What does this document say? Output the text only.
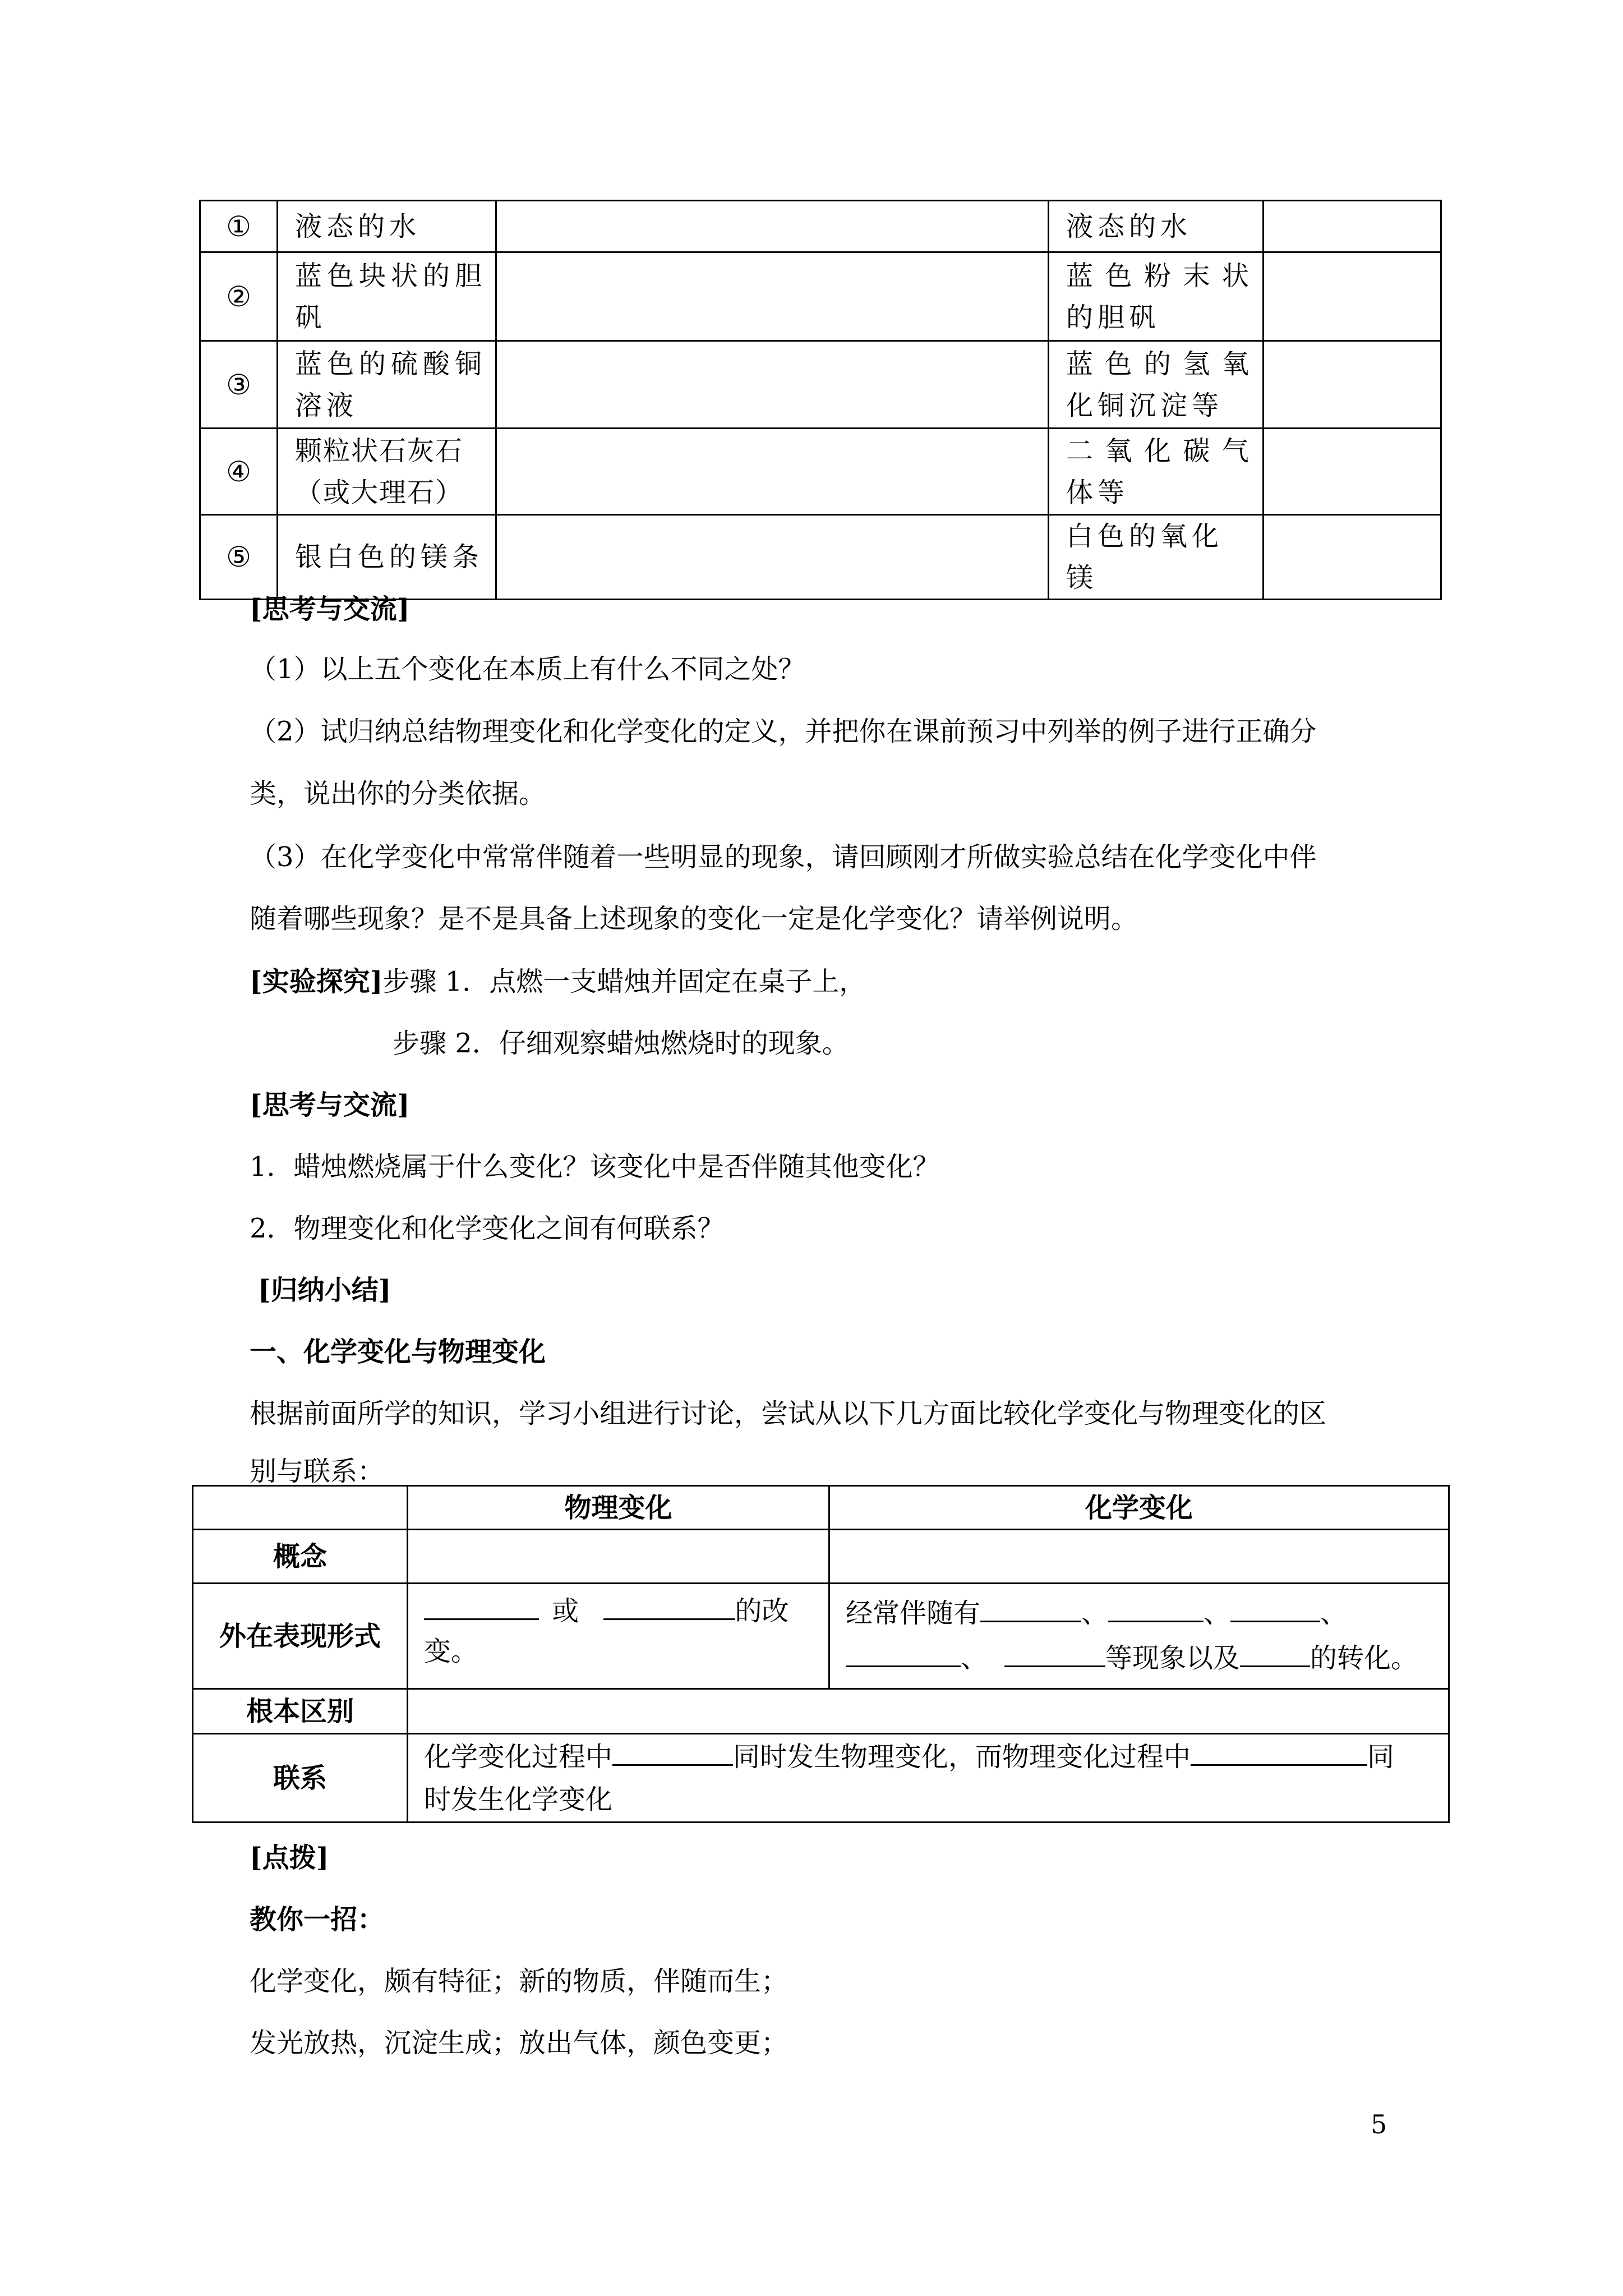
①	液态的水		液态的水	
②	蓝色块状的胆矾		蓝色粉末状的胆矾	
③	蓝色的硫酸铜溶液		蓝色的氢氧化铜沉淀等	
④	颗粒状石灰石（或大理石）		二氧化碳气体等	
⑤	银白色的镁条		白色的氧化镁	
[思考与交流]
（1）以上五个变化在本质上有什么不同之处？
（2）试归纳总结物理变化和化学变化的定义，并把你在课前预习中列举的例子进行正确分
类，说出你的分类依据。
（3）在化学变化中常常伴随着一些明显的现象，请回顾刚才所做实验总结在化学变化中伴
随着哪些现象？是不是具备上述现象的变化一定是化学变化？请举例说明。
[实验探究]步骤 1．点燃一支蜡烛并固定在桌子上，
步骤 2．仔细观察蜡烛燃烧时的现象。
[思考与交流]
1．蜡烛燃烧属于什么变化？该变化中是否伴随其他变化？
2．物理变化和化学变化之间有何联系？
[归纳小结]
一、化学变化与物理变化
根据前面所学的知识，学习小组进行讨论，尝试从以下几方面比较化学变化与物理变化的区
别与联系：
	物理变化	化学变化
概念		
外在表现形式	或 的改变。	经常伴随有 、 、 、
、 等现象以及 的转化。

根本区别		
联系	化学变化过程中 同时发生物理变化，而物理变化过程中 同
时发生化学变化	
[点拨]
教你一招：
化学变化，颇有特征；新的物质，伴随而生；
发光放热，沉淀生成；放出气体，颜色变更；
5
